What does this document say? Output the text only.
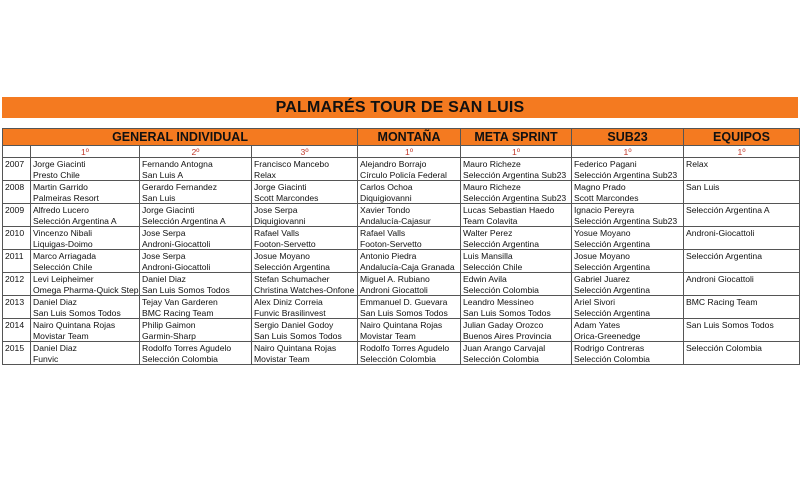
PALMARÉS TOUR DE SAN LUIS
GENERAL INDIVIDUAL				MONTAÑA	META SPRINT	SUB23	EQUIPOS
	1º	2º	3º	1º	1º	1º	1º
2007	Jorge Giacinti	Fernando Antogna	Francisco Mancebo	Alejandro Borrajo	Mauro Richeze	Federico Pagani	Relax
	Presto Chile	San Luis A	Relax	Círculo Policía Federal	Selección Argentina Sub23	Selección Argentina Sub23	
2008	Martin Garrido	Gerardo Fernandez	Jorge Giacinti	Carlos Ochoa	Mauro Richeze	Magno Prado	San Luis
	Palmeiras Resort	San Luis	Scott Marcondes	Diquigiovanni	Selección Argentina Sub23	Scott Marcondes	
2009	Alfredo Lucero	Jorge Giacinti	Jose Serpa	Xavier Tondo	Lucas Sebastian Haedo	Ignacio Pereyra	Selección Argentina A
	Selección Argentina A	Selección Argentina A	Diquigiovanni	Andalucía-Cajasur	Team Colavita	Selección Argentina Sub23	
2010	Vincenzo Nibali	Jose Serpa	Rafael Valls	Rafael Valls	Walter Perez	Yosue Moyano	Androni-Giocattoli
	Liquigas-Doimo	Androni-Giocattoli	Footon-Servetto	Footon-Servetto	Selección Argentina	Selección Argentina	
2011	Marco Arriagada	Jose Serpa	Josue Moyano	Antonio Piedra	Luis Mansilla	Josue Moyano	Selección Argentina
	Selección Chile	Androni-Giocattoli	Selección Argentina	Andalucía-Caja Granada	Selección Chile	Selección Argentina	
2012	Levi Leipheimer	Daniel Diaz	Stefan Schumacher	Miguel A. Rubiano	Edwin Avila	Gabriel Juarez	Androni Giocattoli
	Omega Pharma-Quick Step	San Luis Somos Todos	Christina Watches-Onfone	Androni Giocattoli	Selección Colombia	Selección Argentina	
2013	Daniel Diaz	Tejay Van Garderen	Alex Diniz Correia	Emmanuel D. Guevara	Leandro Messineo	Ariel Sivori	BMC Racing Team
	San Luis Somos Todos	BMC Racing Team	Funvic Brasilinvest	San Luis Somos Todos	San Luis Somos Todos	Selección Argentina	
2014	Nairo Quintana Rojas	Philip Gaimon	Sergio Daniel Godoy	Nairo Quintana Rojas	Julian Gaday Orozco	Adam Yates	San Luis Somos Todos
	Movistar Team	Garmin-Sharp	San Luis Somos Todos	Movistar Team	Buenos Aires Provincia	Orica-Greenedge	
2015	Daniel Diaz	Rodolfo Torres Agudelo	Nairo Quintana Rojas	Rodolfo Torres Agudelo	Juan Arango Carvajal	Rodrigo Contreras	Selección Colombia
	Funvic	Selección Colombia	Movistar Team	Selección Colombia	Selección Colombia	Selección Colombia	
